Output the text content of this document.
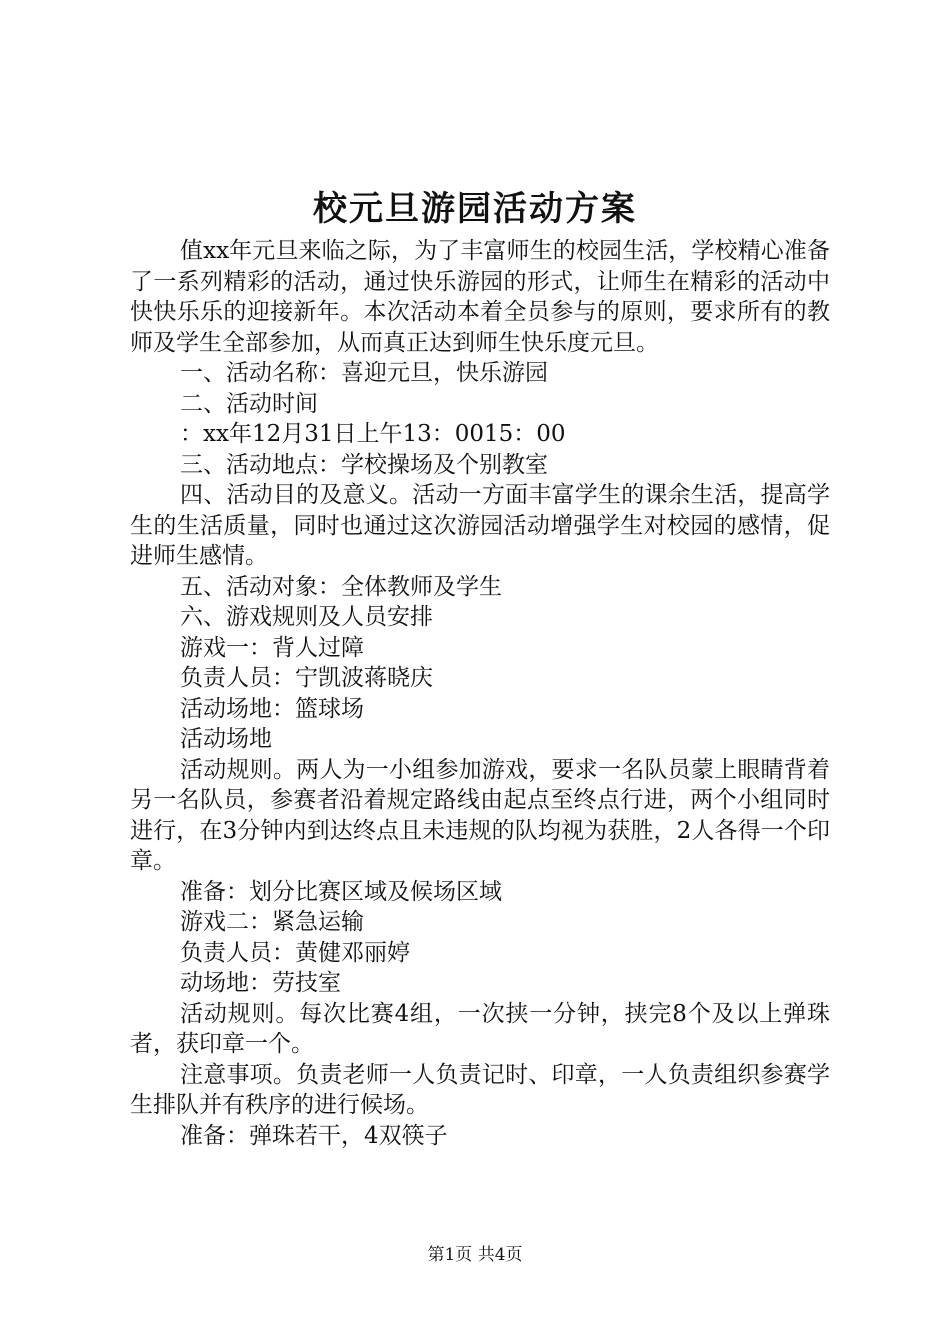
校元旦游园活动方案

值xx年元旦来临之际，为了丰富师生的校园生活，学校精心准备了一系列精彩的活动，通过快乐游园的形式，让师生在精彩的活动中快快乐乐的迎接新年。本次活动本着全员参与的原则，要求所有的教师及学生全部参加，从而真正达到师生快乐度元旦。

一、活动名称：喜迎元旦，快乐游园

二、活动时间

：xx年12月31日上午13：0015：00

三、活动地点：学校操场及个别教室

四、活动目的及意义。活动一方面丰富学生的课余生活，提高学生的生活质量，同时也通过这次游园活动增强学生对校园的感情，促进师生感情。

五、活动对象：全体教师及学生

六、游戏规则及人员安排

游戏一：背人过障

负责人员：宁凯波蒋晓庆

活动场地：篮球场

活动场地

活动规则。两人为一小组参加游戏，要求一名队员蒙上眼睛背着另一名队员，参赛者沿着规定路线由起点至终点行进，两个小组同时进行，在3分钟内到达终点且未违规的队均视为获胜，2人各得一个印章。

准备：划分比赛区域及候场区域

游戏二：紧急运输

负责人员：黄健邓丽婷

动场地：劳技室

活动规则。每次比赛4组，一次挟一分钟，挟完8个及以上弹珠者，获印章一个。

注意事项。负责老师一人负责记时、印章，一人负责组织参赛学生排队并有秩序的进行候场。

准备：弹珠若干，4双筷子

第1页 共4页
